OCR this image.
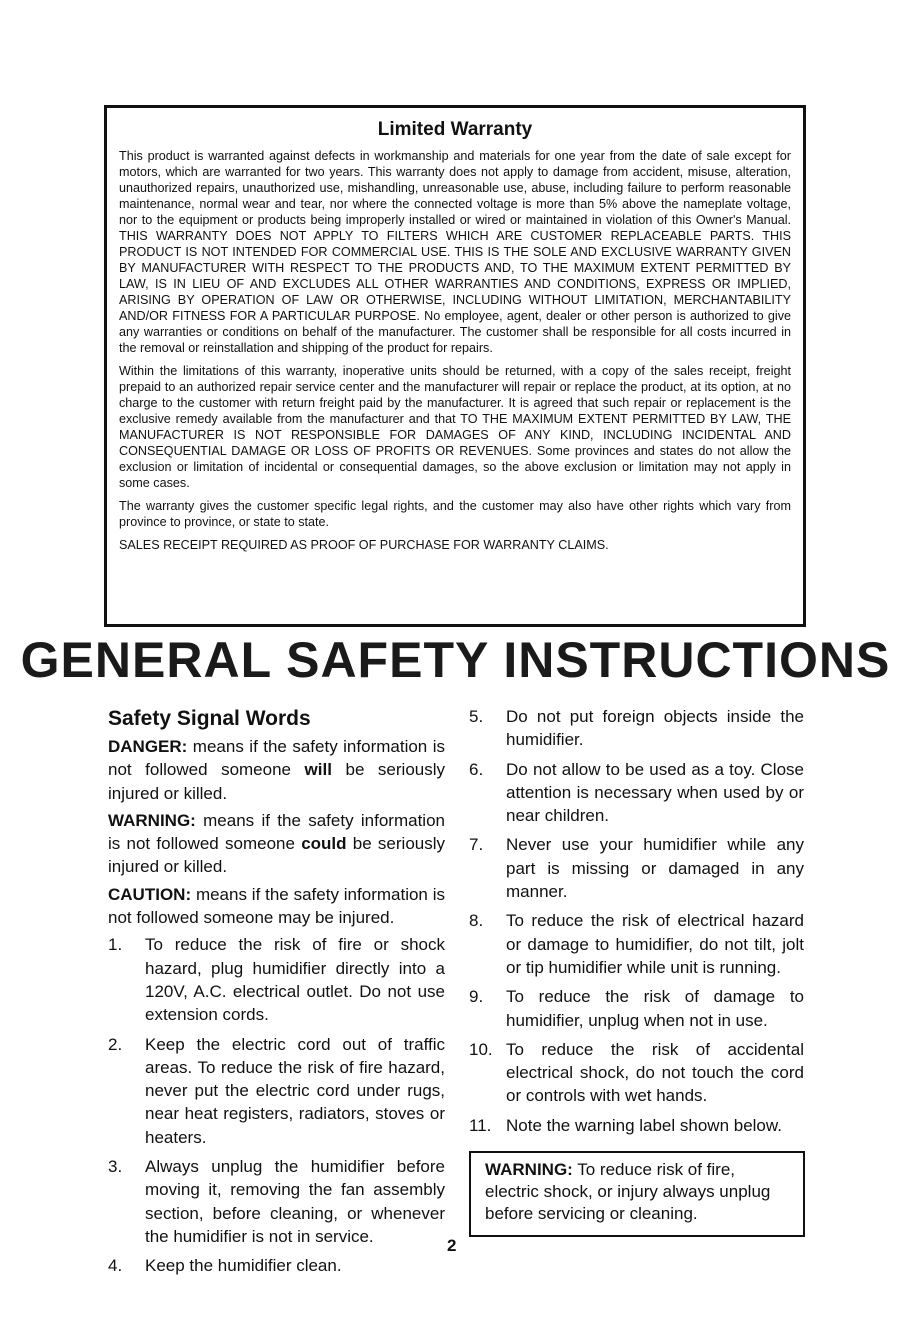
Limited Warranty

This product is warranted against defects in workmanship and materials for one year from the date of sale except for motors, which are warranted for two years. This warranty does not apply to damage from accident, misuse, alteration, unauthorized repairs, unauthorized use, mishandling, unreasonable use, abuse, including failure to perform reasonable maintenance, normal wear and tear, nor where the connected voltage is more than 5% above the nameplate voltage, nor to the equipment or products being improperly installed or wired or maintained in violation of this Owner's Manual. THIS WARRANTY DOES NOT APPLY TO FILTERS WHICH ARE CUSTOMER REPLACEABLE PARTS. THIS PRODUCT IS NOT INTENDED FOR COMMERCIAL USE. THIS IS THE SOLE AND EXCLUSIVE WARRANTY GIVEN BY MANUFACTURER WITH RESPECT TO THE PRODUCTS AND, TO THE MAXIMUM EXTENT PERMITTED BY LAW, IS IN LIEU OF AND EXCLUDES ALL OTHER WARRANTIES AND CONDITIONS, EXPRESS OR IMPLIED, ARISING BY OPERATION OF LAW OR OTHERWISE, INCLUDING WITHOUT LIMITATION, MERCHANTABILITY AND/OR FITNESS FOR A PARTICULAR PURPOSE. No employee, agent, dealer or other person is authorized to give any warranties or conditions on behalf of the manufacturer. The customer shall be responsible for all costs incurred in the removal or reinstallation and shipping of the product for repairs.

Within the limitations of this warranty, inoperative units should be returned, with a copy of the sales receipt, freight prepaid to an authorized repair service center and the manufacturer will repair or replace the product, at its option, at no charge to the customer with return freight paid by the manufacturer. It is agreed that such repair or replacement is the exclusive remedy available from the manufacturer and that TO THE MAXIMUM EXTENT PERMITTED BY LAW, THE MANUFACTURER IS NOT RESPONSIBLE FOR DAMAGES OF ANY KIND, INCLUDING INCIDENTAL AND CONSEQUENTIAL DAMAGE OR LOSS OF PROFITS OR REVENUES. Some provinces and states do not allow the exclusion or limitation of incidental or consequential damages, so the above exclusion or limitation may not apply in some cases.

The warranty gives the customer specific legal rights, and the customer may also have other rights which vary from province to province, or state to state.

SALES RECEIPT REQUIRED AS PROOF OF PURCHASE FOR WARRANTY CLAIMS.

GENERAL SAFETY INSTRUCTIONS
Safety Signal Words

DANGER: means if the safety information is not followed someone will be seriously injured or killed.

WARNING: means if the safety information is not followed someone could be seriously injured or killed.

CAUTION: means if the safety information is not followed someone may be injured.

1. To reduce the risk of fire or shock hazard, plug humidifier directly into a 120V, A.C. electrical outlet. Do not use extension cords.
2. Keep the electric cord out of traffic areas. To reduce the risk of fire hazard, never put the electric cord under rugs, near heat registers, radiators, stoves or heaters.
3. Always unplug the humidifier before moving it, removing the fan assembly section, before cleaning, or whenever the humidifier is not in service.
4. Keep the humidifier clean.
5. Do not put foreign objects inside the humidifier.
6. Do not allow to be used as a toy. Close attention is necessary when used by or near children.
7. Never use your humidifier while any part is missing or damaged in any manner.
8. To reduce the risk of electrical hazard or damage to humidifier, do not tilt, jolt or tip humidifier while unit is running.
9. To reduce the risk of damage to humidifier, unplug when not in use.
10. To reduce the risk of accidental electrical shock, do not touch the cord or controls with wet hands.
11. Note the warning label shown below.
WARNING: To reduce risk of fire, electric shock, or injury always unplug before servicing or cleaning.
2
